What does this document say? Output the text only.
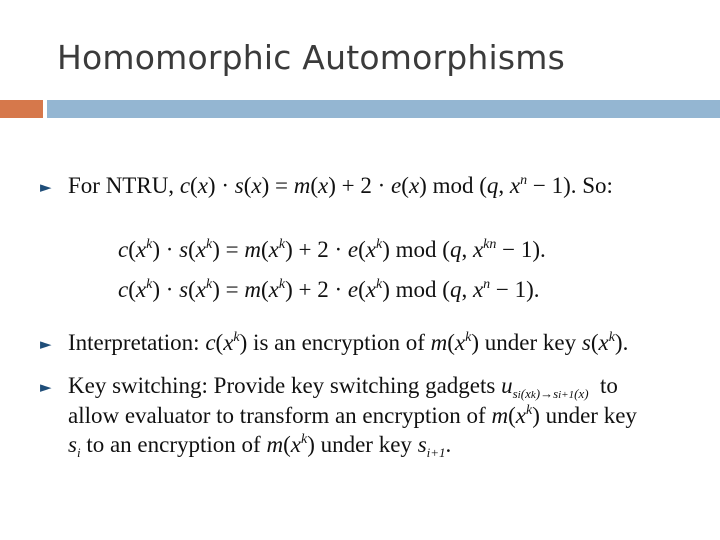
Homomorphic Automorphisms
► For NTRU, c(x) · s(x) = m(x) + 2 · e(x) mod (q, $x^n - 1$). So:
$c(x^k) \cdot s(x^k) = m(x^k) + 2 \cdot e(x^k)$ mod (q, $x^{kn} - 1$).
$c(x^k) \cdot s(x^k) = m(x^k) + 2 \cdot e(x^k)$ mod (q, $x^n - 1$).
► Interpretation: $c(x^k)$ is an encryption of $m(x^k)$ under key $s(x^k)$.
► Key switching: Provide key switching gadgets $u_{si(xk)\to si+1(x)}$  to
allow evaluator to transform an encryption of $m(x^k)$ under key
$s_i$ to an encryption of $m(x^k)$ under key $s_{i+1}$.
